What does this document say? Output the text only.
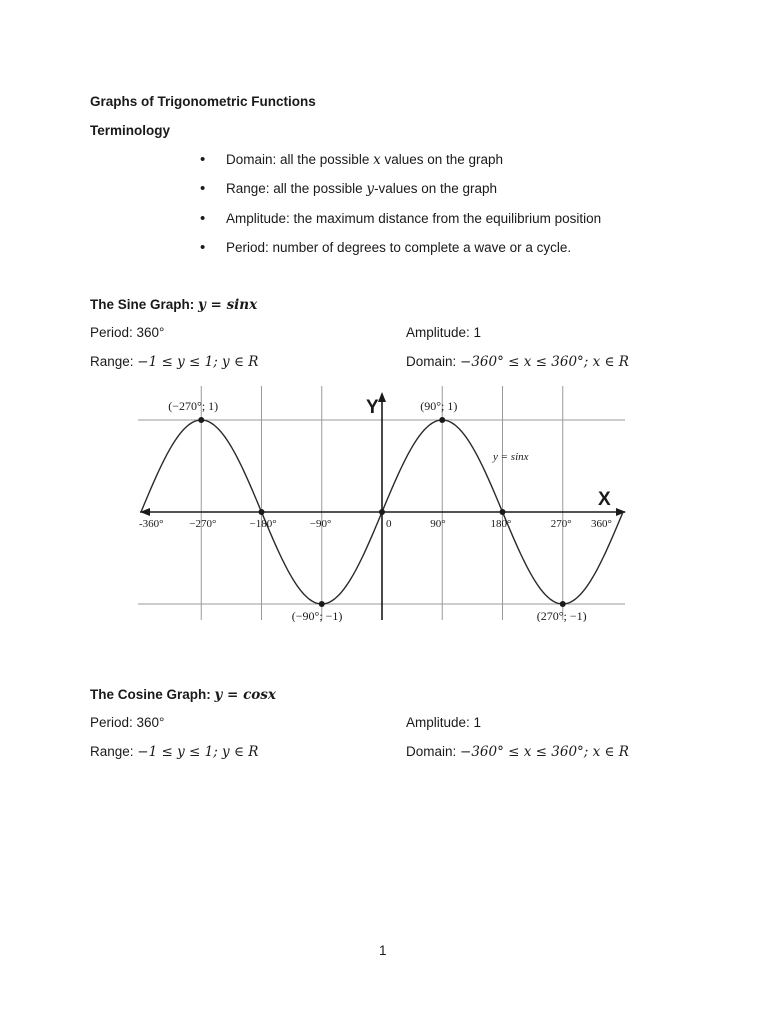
Graphs of Trigonometric Functions
Terminology
• Domain: all the possible x values on the graph
• Range: all the possible y-values on the graph
• Amplitude: the maximum distance from the equilibrium position
• Period: number of degrees to complete a wave or a cycle.
The Sine Graph: y = sinx
Period: 360°	Amplitude: 1
Range: −1 ≤ y ≤ 1; y ∈ R	Domain: −360° ≤ x ≤ 360°; x ∈ R
(−270°; 1)
(−90°; −1)
(90°; 1)
(270°; −1)
-360° −270°	−180°	−90°	0	90°	180°	270° 360°
X
Y
y = sinx
The Cosine Graph: y = cosx
Period: 360°	Amplitude: 1
Range: −1 ≤ y ≤ 1; y ∈ R	Domain: −360° ≤ x ≤ 360°; x ∈ R
1
